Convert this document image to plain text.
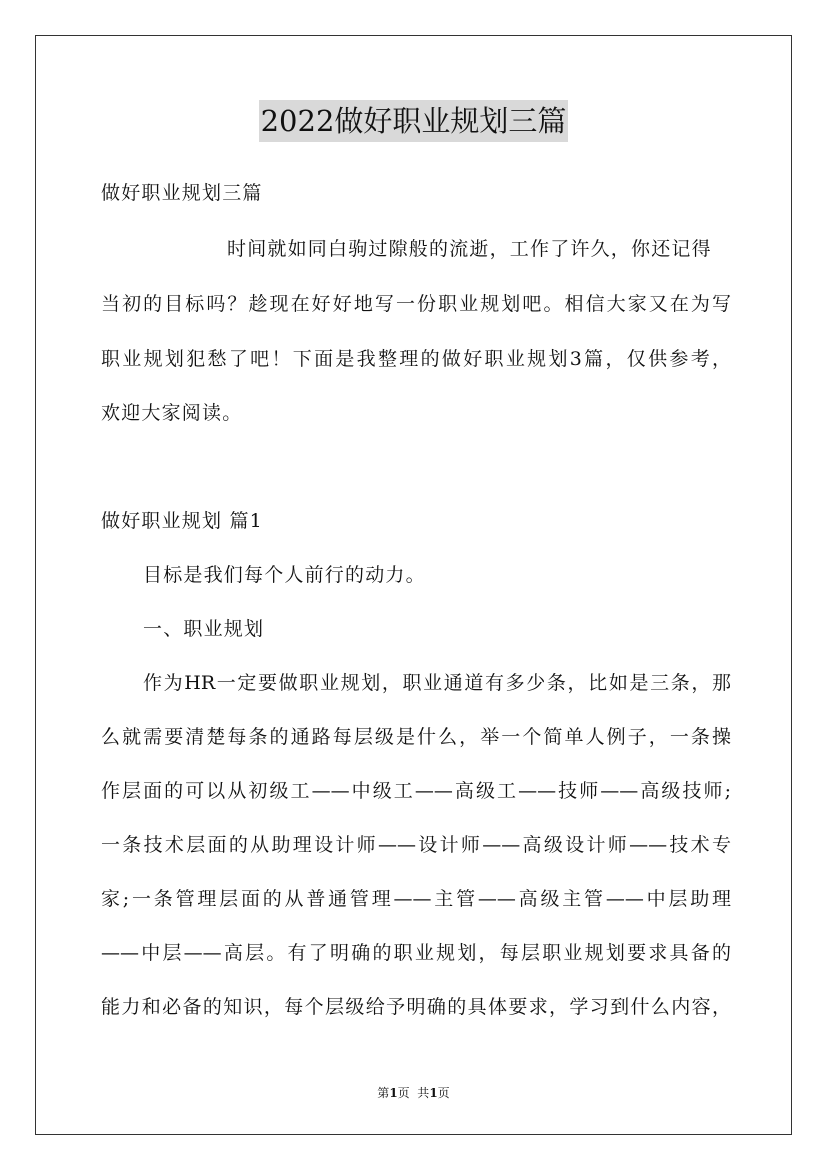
2022做好职业规划三篇
做好职业规划三篇
时间就如同白驹过隙般的流逝，工作了许久，你还记得
当初的目标吗？趁现在好好地写一份职业规划吧。相信大家又在为写
职业规划犯愁了吧！下面是我整理的做好职业规划3篇，仅供参考，
欢迎大家阅读。
做好职业规划 篇1
目标是我们每个人前行的动力。
一、职业规划
作为HR一定要做职业规划，职业通道有多少条，比如是三条，那
么就需要清楚每条的通路每层级是什么，举一个简单人例子，一条操
作层面的可以从初级工——中级工——高级工——技师——高级技师;
一条技术层面的从助理设计师——设计师——高级设计师——技术专
家;一条管理层面的从普通管理——主管——高级主管——中层助理
——中层——高层。有了明确的职业规划，每层职业规划要求具备的
能力和必备的知识，每个层级给予明确的具体要求，学习到什么内容，
第1页  共1页
